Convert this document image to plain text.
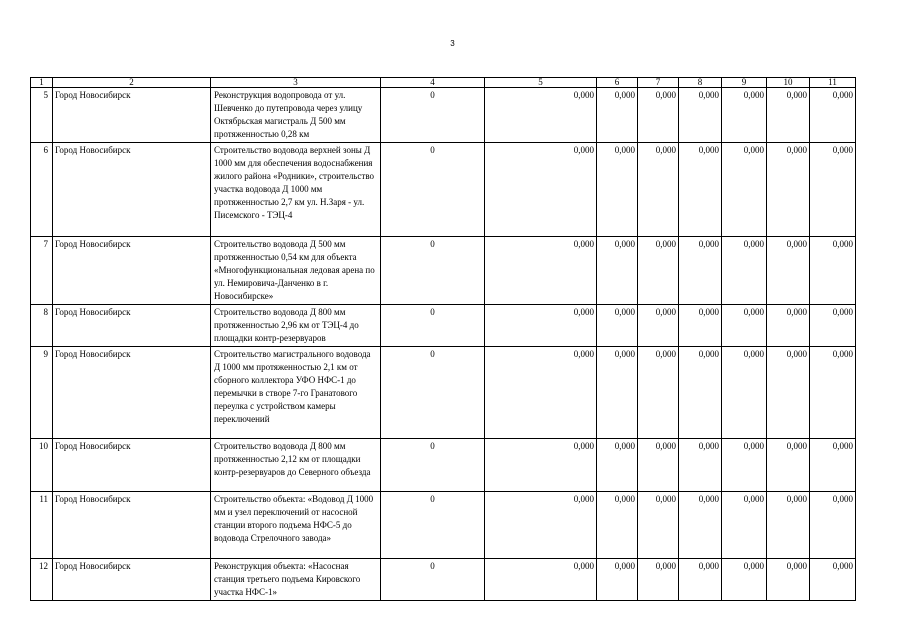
3
1	2	3	4	5	6	7	8	9	10	11
5	Город Новосибирск	Реконструкция водопровода от ул. Шевченко до путепровода через улицу Октябрьская магистраль Д 500 мм протяженностью 0,28 км	0	0,000	0,000	0,000	0,000	0,000	0,000	0,000
6	Город Новосибирск	Строительство водовода верхней зоны Д 1000 мм для обеспечения водоснабжения жилого района «Родники», строительство участка водовода Д 1000 мм протяженностью 2,7 км ул. Н.Заря - ул. Писемского - ТЭЦ-4	0	0,000	0,000	0,000	0,000	0,000	0,000	0,000
7	Город Новосибирск	Строительство водовода Д 500 мм протяженностью 0,54 км для объекта «Многофункциональная ледовая арена по ул. Немировича-Данченко в г. Новосибирске»	0	0,000	0,000	0,000	0,000	0,000	0,000	0,000
8	Город Новосибирск	Строительство водовода Д 800 мм протяженностью 2,96 км от ТЭЦ-4 до площадки контр-резервуаров	0	0,000	0,000	0,000	0,000	0,000	0,000	0,000
9	Город Новосибирск	Строительство магистрального водовода Д 1000 мм протяженностью 2,1 км от сборного коллектора УФО НФС-1 до перемычки в створе 7-го Гранатового переулка с устройством камеры переключений	0	0,000	0,000	0,000	0,000	0,000	0,000	0,000
10	Город Новосибирск	Строительство водовода Д 800 мм протяженностью 2,12 км от площадки контр-резервуаров до Северного объезда	0	0,000	0,000	0,000	0,000	0,000	0,000	0,000
11	Город Новосибирск	Строительство объекта: «Водовод Д 1000 мм и узел переключений от насосной станции второго подъема НФС-5 до водовода Стрелочного завода»	0	0,000	0,000	0,000	0,000	0,000	0,000	0,000
12	Город Новосибирск	Реконструкция объекта: «Насосная станция третьего подъема Кировского участка НФС-1»	0	0,000	0,000	0,000	0,000	0,000	0,000	0,000
